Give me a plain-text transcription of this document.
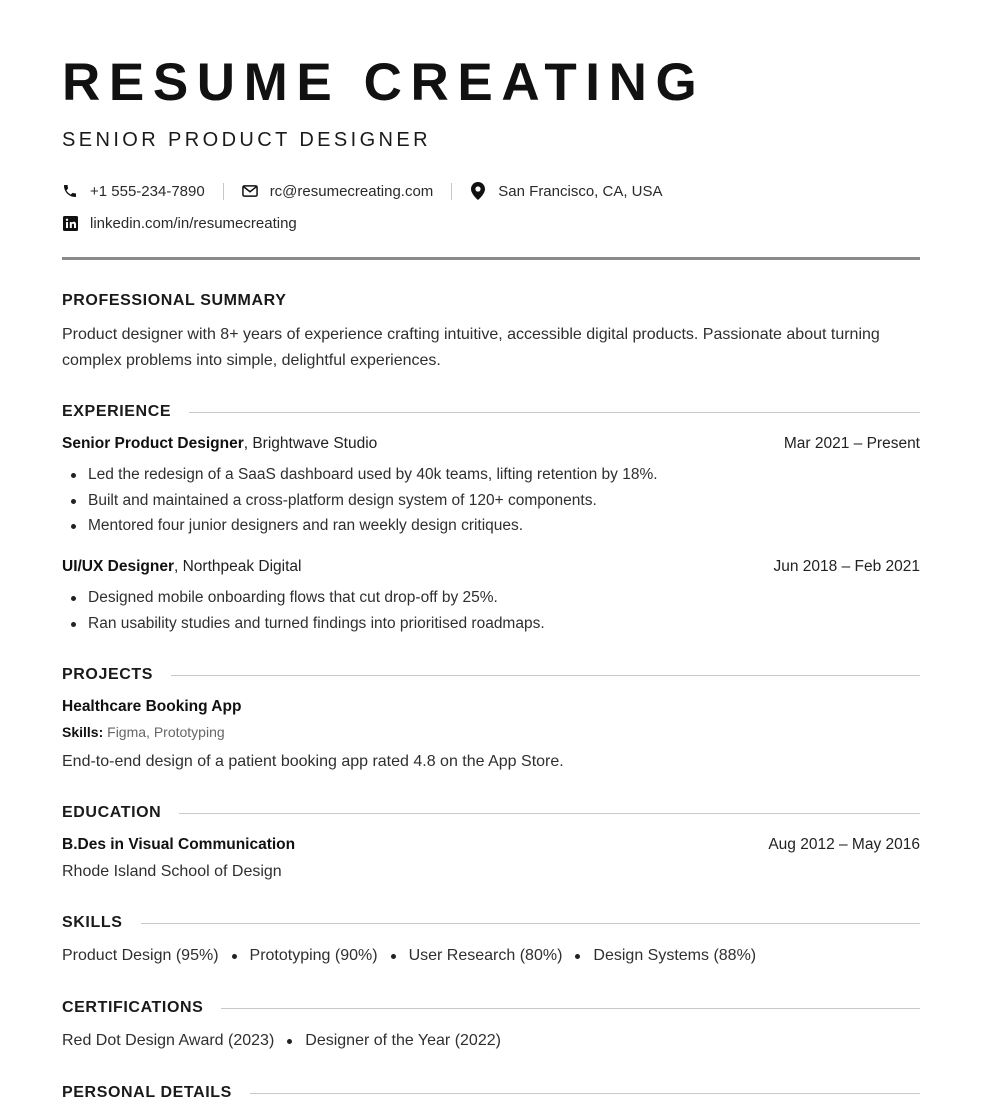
RESUME CREATING
SENIOR PRODUCT DESIGNER
+1 555-234-7890	rc@resumecreating.com	San Francisco, CA, USA
linkedin.com/in/resumecreating
PROFESSIONAL SUMMARY

Product designer with 8+ years of experience crafting intuitive, accessible digital products. Passionate about turning complex problems into simple, delightful experiences.

EXPERIENCE
Senior Product Designer, Brightwave Studio	Mar 2021 – Present
Led the redesign of a SaaS dashboard used by 40k teams, lifting retention by 18%.
Built and maintained a cross-platform design system of 120+ components.
Mentored four junior designers and ran weekly design critiques.
UI/UX Designer, Northpeak Digital	Jun 2018 – Feb 2021
Designed mobile onboarding flows that cut drop-off by 25%.
Ran usability studies and turned findings into prioritised roadmaps.
PROJECTS
Healthcare Booking App
Skills: Figma, Prototyping

End-to-end design of a patient booking app rated 4.8 on the App Store.

EDUCATION
B.Des in Visual Communication	Aug 2012 – May 2016

Rhode Island School of Design

SKILLS
Product Design (95%) Prototyping (90%) User Research (80%) Design Systems (88%)
CERTIFICATIONS
Red Dot Design Award (2023) Designer of the Year (2022)
PERSONAL DETAILS
